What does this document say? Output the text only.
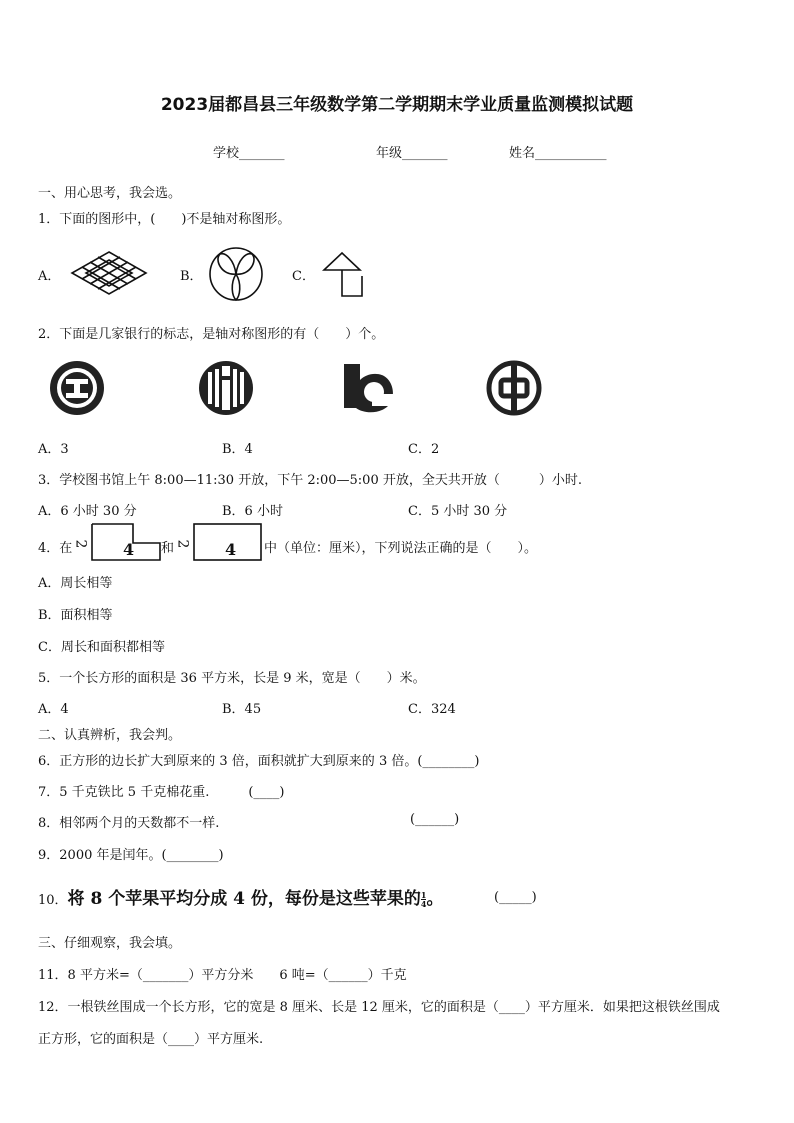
2023届都昌县三年级数学第二学期期末学业质量监测模拟试题
学校_______	年级_______	姓名___________
一、用心思考，我会选。
1．下面的图形中，(　　)不是轴对称图形。
A．	B．	C．
2．下面是几家银行的标志，是轴对称图形的有（　　）个。
A．3	B．4	C．2
3．学校图书馆上午 8:00—11:30 开放，下午 2:00—5:00 开放，全天共开放（　　　）小时.
A．6 小时 30 分	B．6 小时	C．5 小时 30 分
4．在 2 4 和 2 4 中（单位：厘米），下列说法正确的是（　　）。
A．周长相等
B．面积相等
C．周长和面积都相等
5．一个长方形的面积是 36 平方米，长是 9 米，宽是（　　）米。
A．4	B．45	C．324
二、认真辨析，我会判。
6．正方形的边长扩大到原来的 3 倍，面积就扩大到原来的 3 倍。(________)
7．5 千克铁比 5 千克棉花重.　　　(____)
8．相邻两个月的天数都不一样.	(______)
9．2000 年是闰年。(________)
10．将 8 个苹果平均分成 4 份，每份是这些苹果的 $\frac{1}{4}$ 。	(_____)
三、仔细观察，我会填。
11．8 平方米=（_______）平方分米　　6 吨=（______）千克
12．一根铁丝围成一个长方形，它的宽是 8 厘米、长是 12 厘米，它的面积是（____）平方厘米．如果把这根铁丝围成
正方形，它的面积是（____）平方厘米.
